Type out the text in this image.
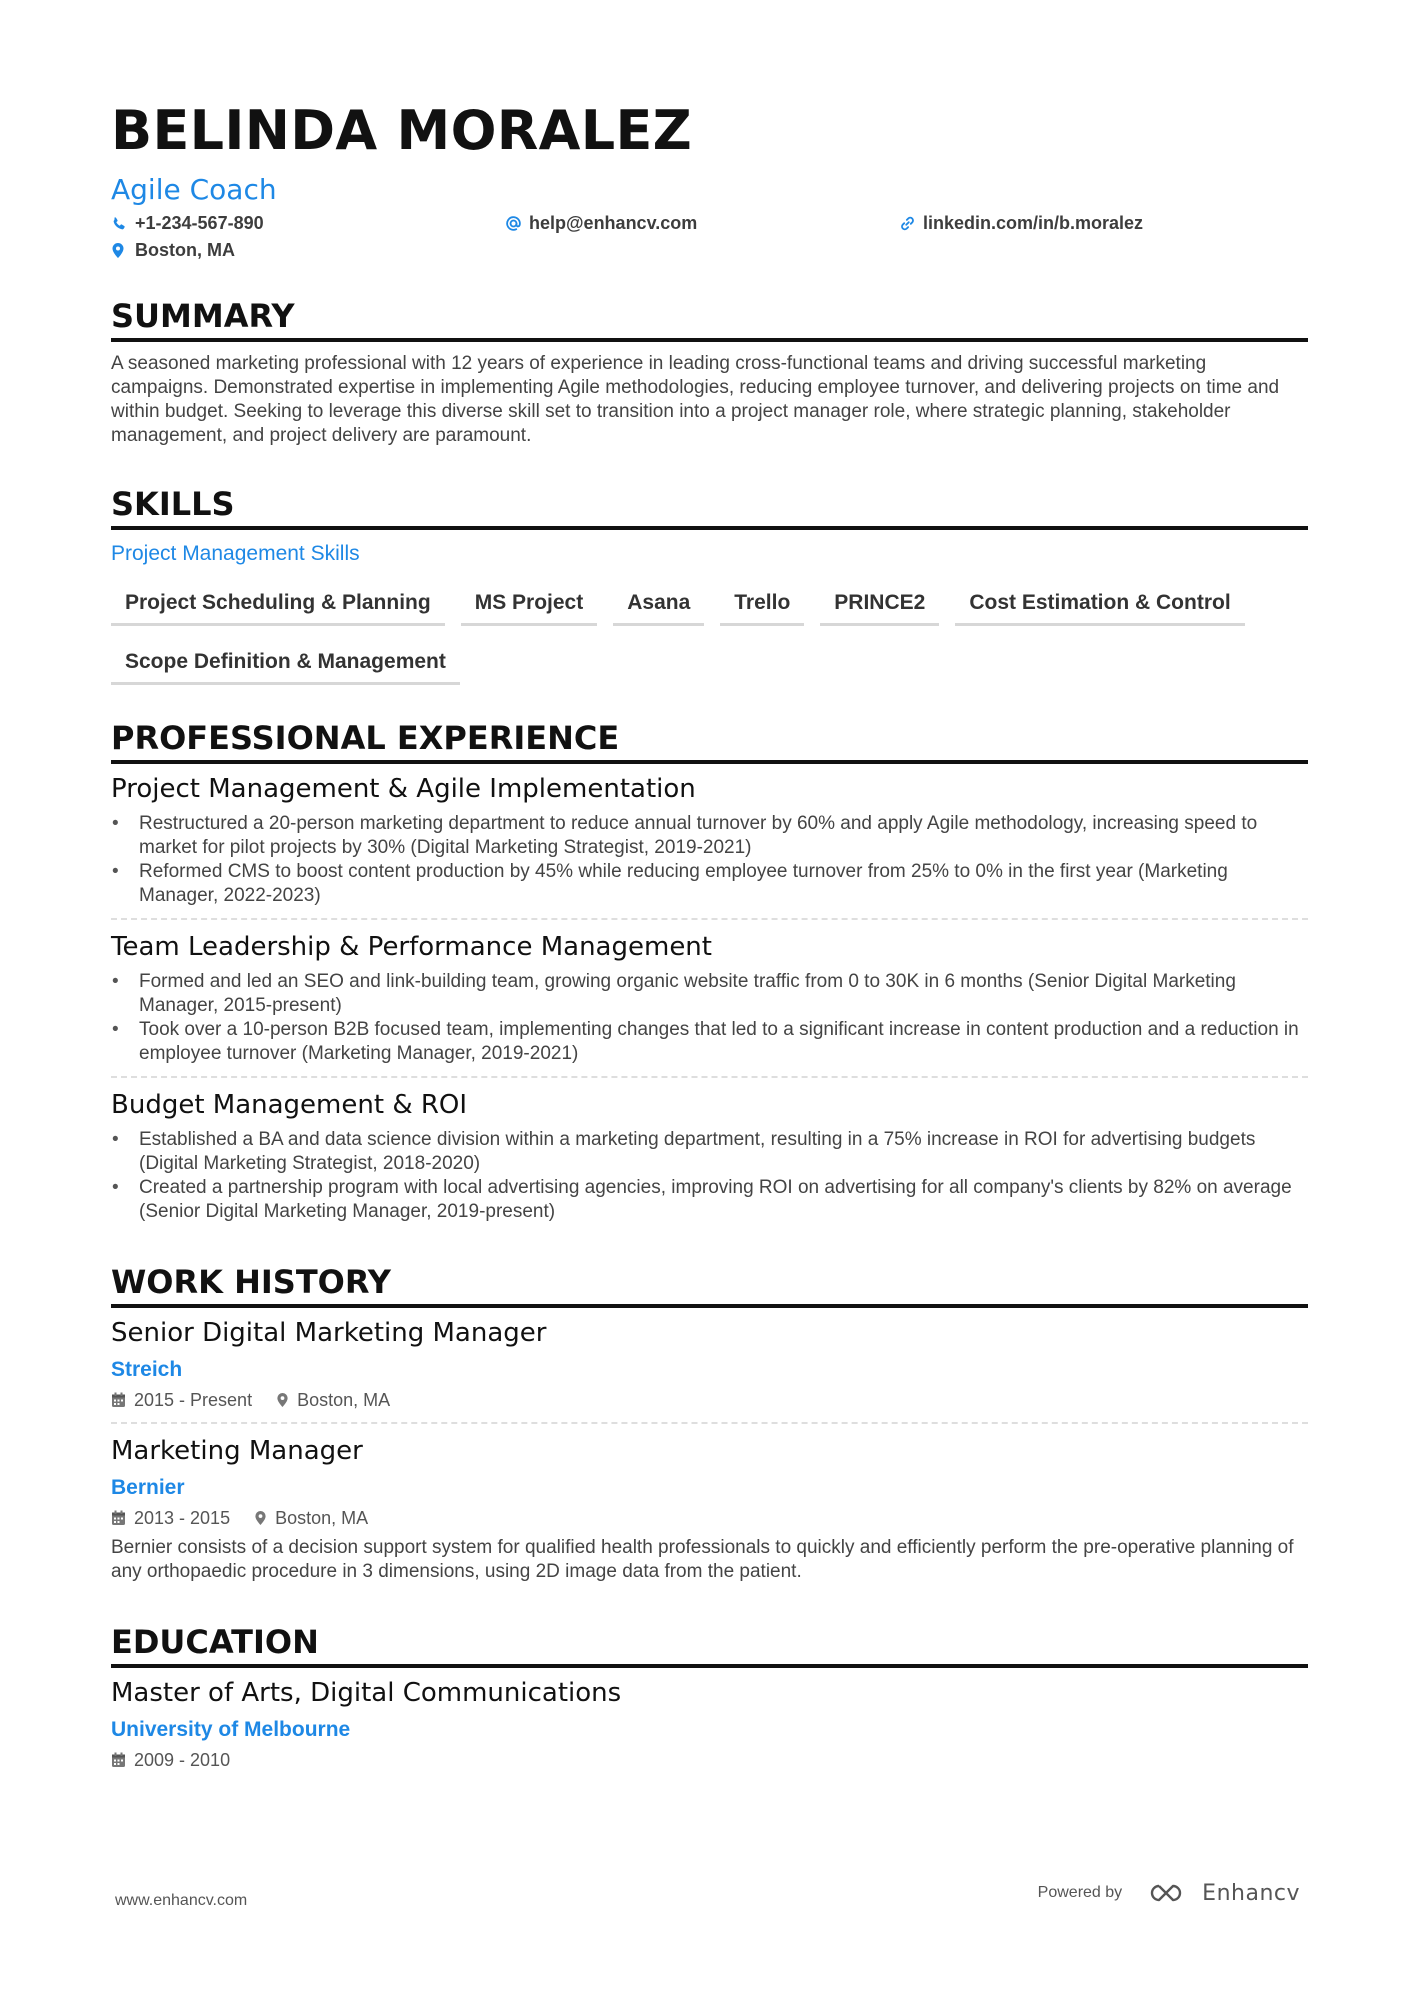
BELINDA MORALEZ
Agile Coach
+1-234-567-890	help@enhancv.com	linkedin.com/in/b.moralez
Boston, MA
SUMMARY
A seasoned marketing professional with 12 years of experience in leading cross-functional teams and driving successful marketing campaigns. Demonstrated expertise in implementing Agile methodologies, reducing employee turnover, and delivering projects on time and within budget. Seeking to leverage this diverse skill set to transition into a project manager role, where strategic planning, stakeholder management, and project delivery are paramount.
SKILLS
Project Management Skills
Project Scheduling & Planning	MS Project	Asana	Trello	PRINCE2	Cost Estimation & Control
Scope Definition & Management
PROFESSIONAL EXPERIENCE
Project Management & Agile Implementation
• Restructured a 20-person marketing department to reduce annual turnover by 60% and apply Agile methodology, increasing speed to market for pilot projects by 30% (Digital Marketing Strategist, 2019-2021)
• Reformed CMS to boost content production by 45% while reducing employee turnover from 25% to 0% in the first year (Marketing Manager, 2022-2023)
Team Leadership & Performance Management
• Formed and led an SEO and link-building team, growing organic website traffic from 0 to 30K in 6 months (Senior Digital Marketing Manager, 2015-present)
• Took over a 10-person B2B focused team, implementing changes that led to a significant increase in content production and a reduction in employee turnover (Marketing Manager, 2019-2021)
Budget Management & ROI
• Established a BA and data science division within a marketing department, resulting in a 75% increase in ROI for advertising budgets (Digital Marketing Strategist, 2018-2020)
• Created a partnership program with local advertising agencies, improving ROI on advertising for all company's clients by 82% on average (Senior Digital Marketing Manager, 2019-present)
WORK HISTORY
Senior Digital Marketing Manager
Streich
2015 - Present	Boston, MA
Marketing Manager
Bernier
2013 - 2015	Boston, MA
Bernier consists of a decision support system for qualified health professionals to quickly and efficiently perform the pre-operative planning of any orthopaedic procedure in 3 dimensions, using 2D image data from the patient.
EDUCATION
Master of Arts, Digital Communications
University of Melbourne
2009 - 2010
www.enhancv.com	Powered by	Enhancv
